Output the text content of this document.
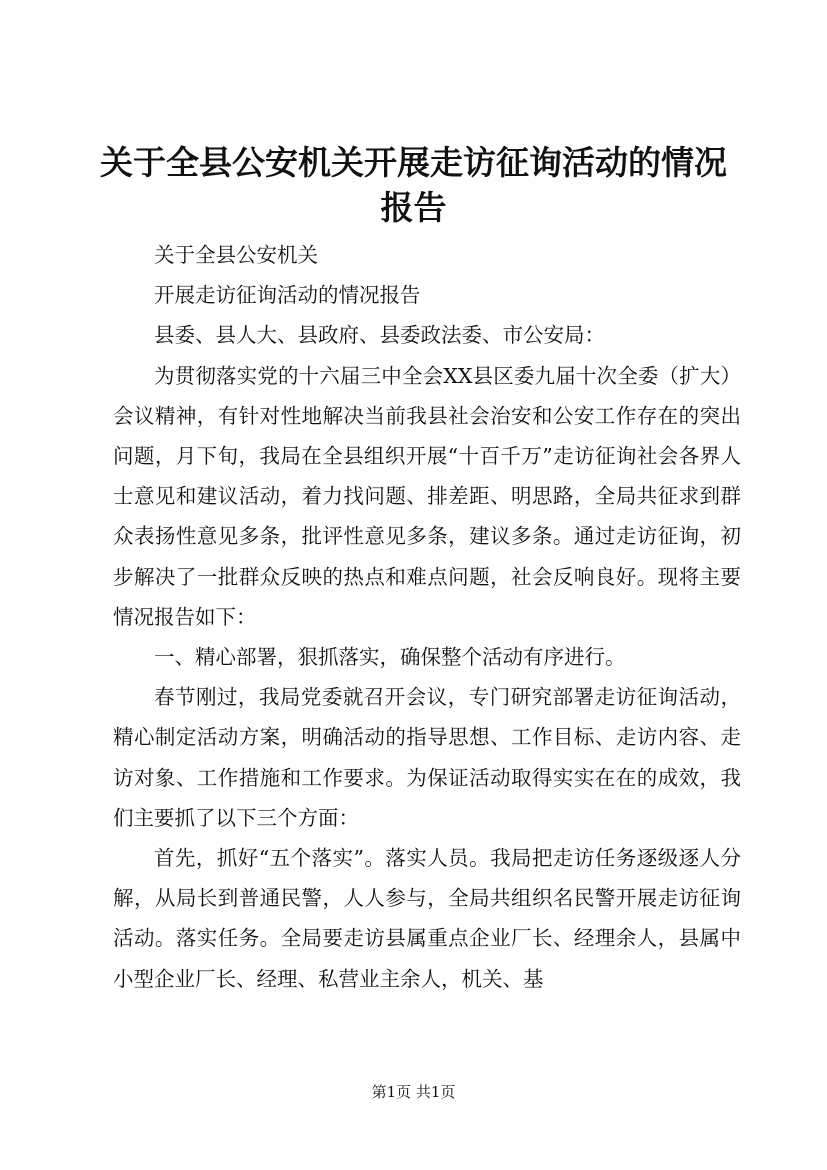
关于全县公安机关开展走访征询活动的情况报告

关于全县公安机关

开展走访征询活动的情况报告

县委、县人大、县政府、县委政法委、市公安局：

为贯彻落实党的十六届三中全会XX县区委九届十次全委（扩大）会议精神，有针对性地解决当前我县社会治安和公安工作存在的突出问题，月下旬，我局在全县组织开展“十百千万”走访征询社会各界人士意见和建议活动，着力找问题、排差距、明思路，全局共征求到群众表扬性意见多条，批评性意见多条，建议多条。通过走访征询，初步解决了一批群众反映的热点和难点问题，社会反响良好。现将主要情况报告如下：

一、精心部署，狠抓落实，确保整个活动有序进行。

春节刚过，我局党委就召开会议，专门研究部署走访征询活动，精心制定活动方案，明确活动的指导思想、工作目标、走访内容、走访对象、工作措施和工作要求。为保证活动取得实实在在的成效，我们主要抓了以下三个方面：

首先，抓好“五个落实”。落实人员。我局把走访任务逐级逐人分解，从局长到普通民警，人人参与，全局共组织名民警开展走访征询活动。落实任务。全局要走访县属重点企业厂长、经理余人，县属中小型企业厂长、经理、私营业主余人，机关、基

第1页 共1页
